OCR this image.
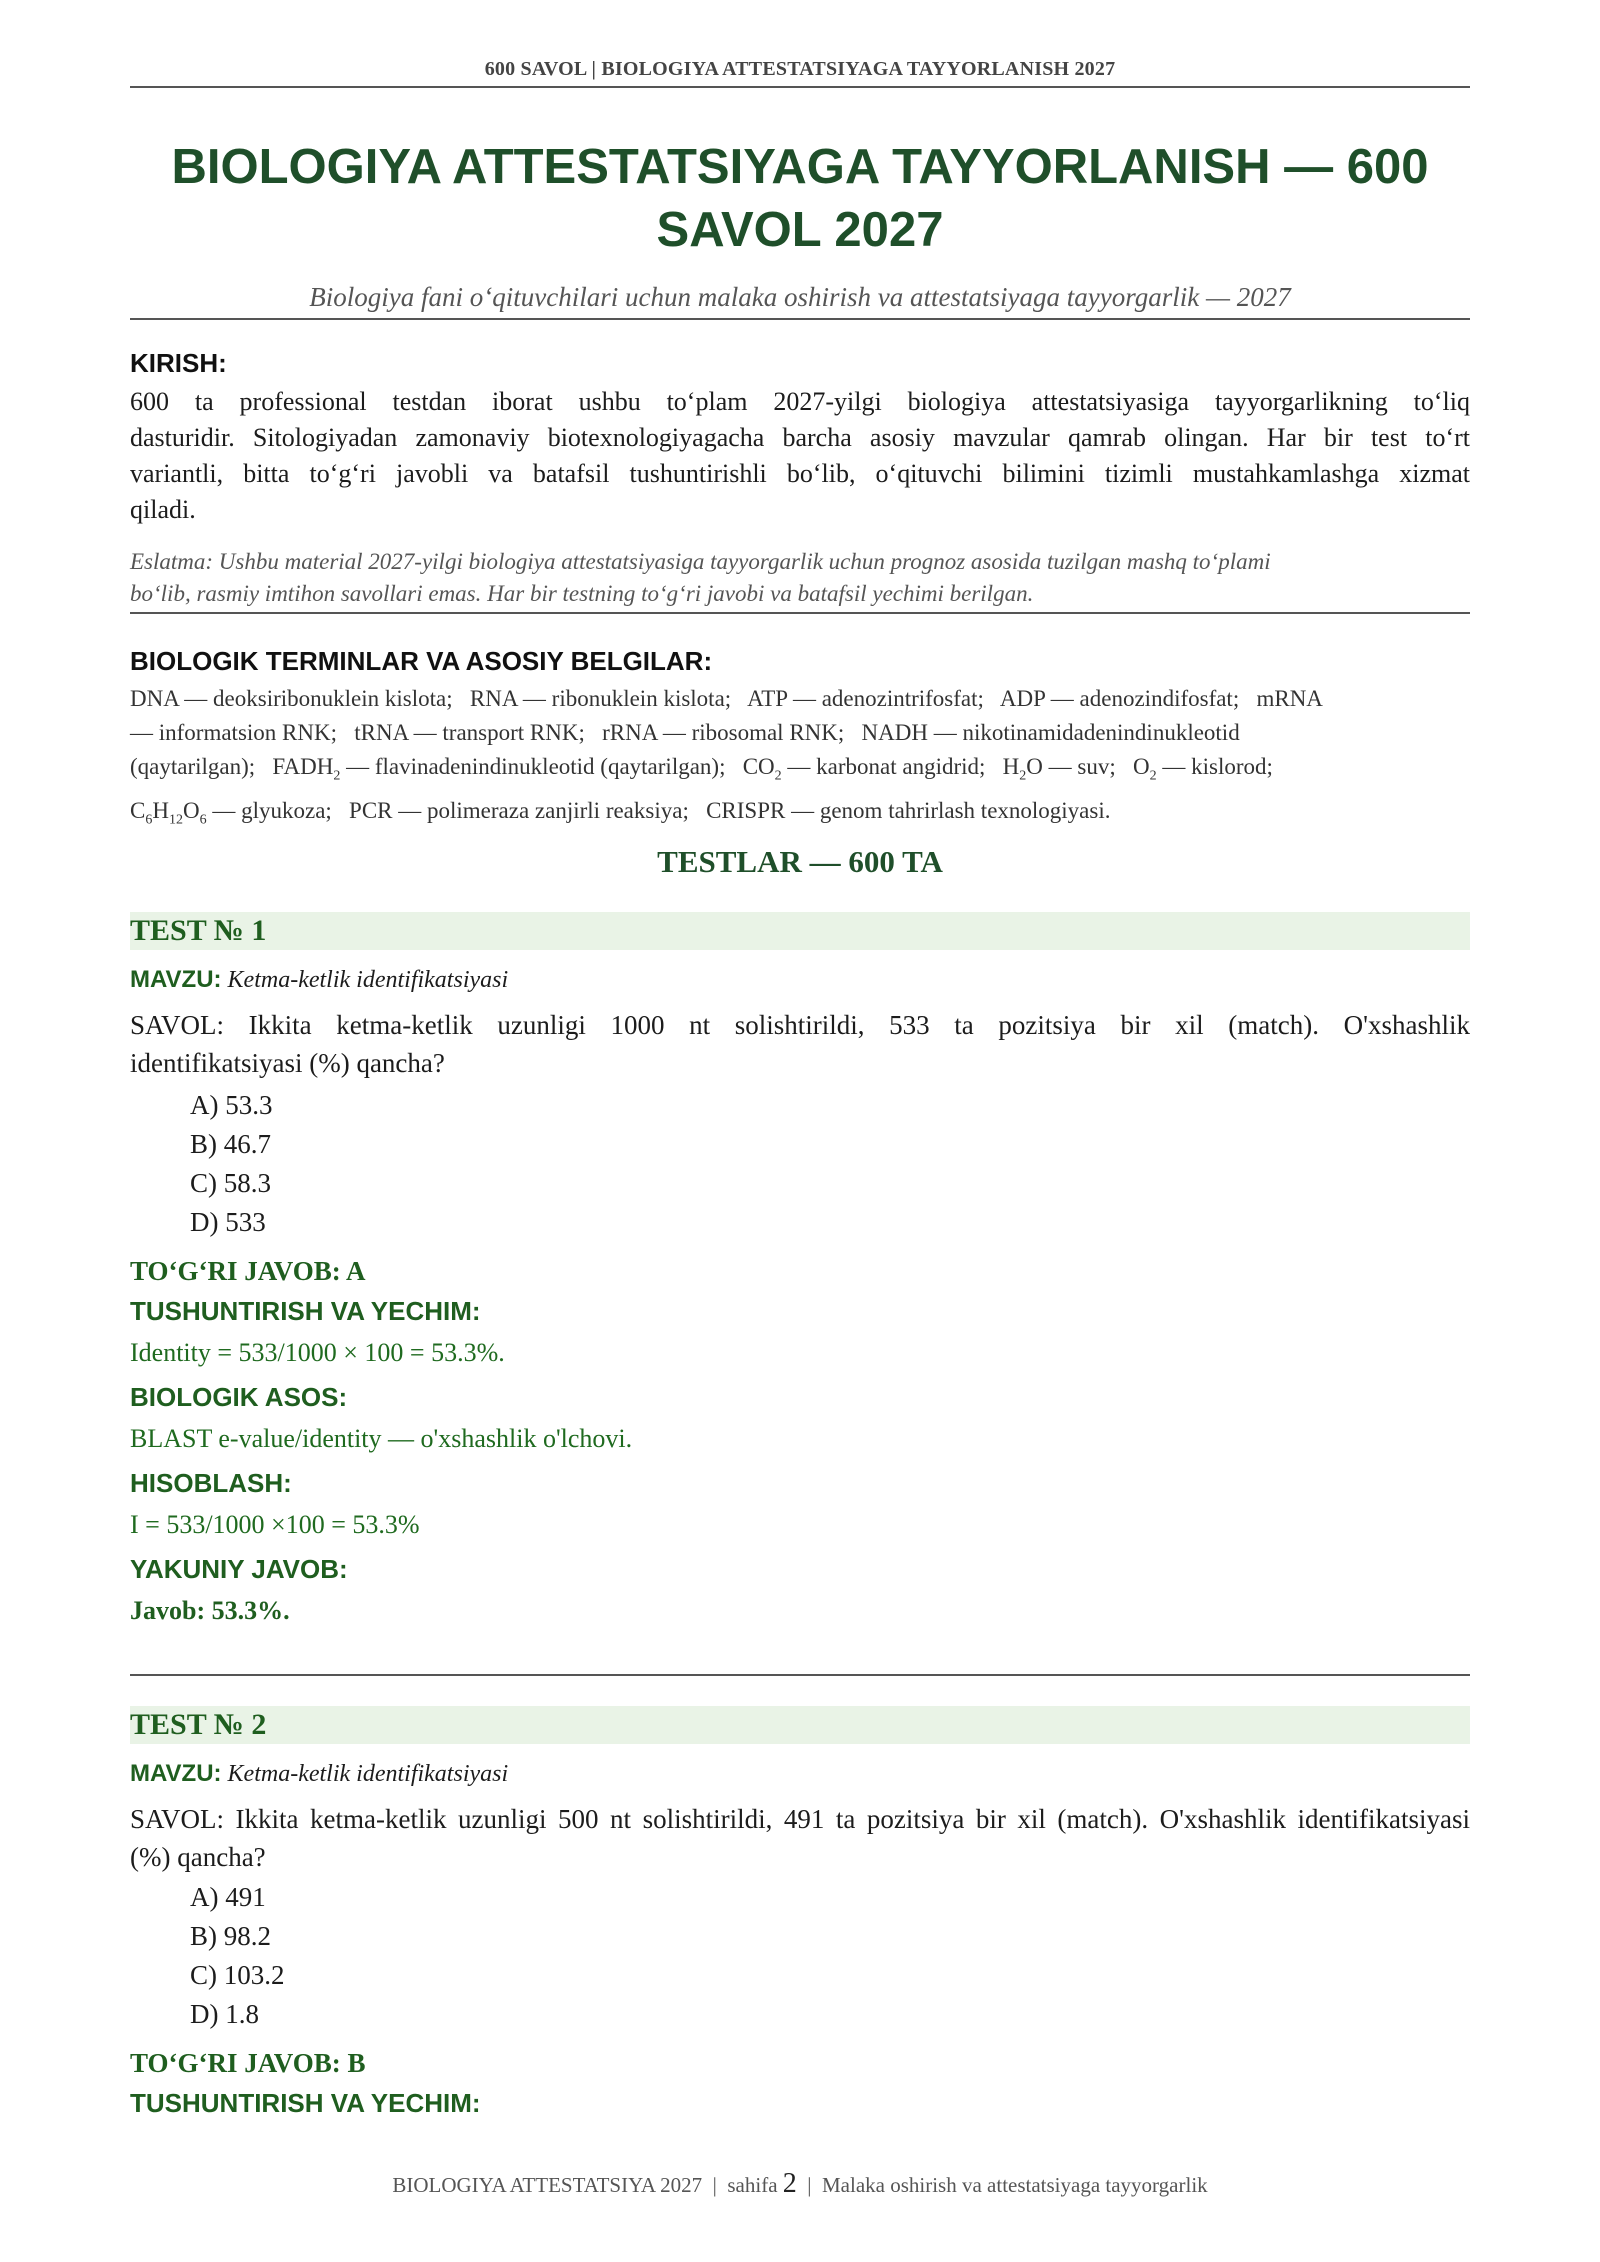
600 SAVOL | BIOLOGIYA ATTESTATSIYAGA TAYYORLANISH 2027
BIOLOGIYA ATTESTATSIYAGA TAYYORLANISH — 600
SAVOL 2027
Biologiya fani oʻqituvchilari uchun malaka oshirish va attestatsiyaga tayyorgarlik — 2027
KIRISH:
600 ta professional testdan iborat ushbu toʻplam 2027-yilgi biologiya attestatsiyasiga tayyorgarlikning toʻliq
dasturidir. Sitologiyadan zamonaviy biotexnologiyagacha barcha asosiy mavzular qamrab olingan. Har bir test toʻrt
variantli, bitta toʻgʻri javobli va batafsil tushuntirishli boʻlib, oʻqituvchi bilimini tizimli mustahkamlashga xizmat
qiladi.
Eslatma: Ushbu material 2027-yilgi biologiya attestatsiyasiga tayyorgarlik uchun prognoz asosida tuzilgan mashq toʻplami
boʻlib, rasmiy imtihon savollari emas. Har bir testning toʻgʻri javobi va batafsil yechimi berilgan.
BIOLOGIK TERMINLAR VA ASOSIY BELGILAR:
DNA — deoksiribonuklein kislota;   RNA — ribonuklein kislota;   ATP — adenozintrifosfat;   ADP — adenozindifosfat;   mRNA
— informatsion RNK;   tRNA — transport RNK;   rRNA — ribosomal RNK;   NADH — nikotinamidadenindinukleotid
(qaytarilgan);   $FADH_2$ — flavinadenindinukleotid (qaytarilgan);   $CO_2$ — karbonat angidrid;   $H_2O$ — suv;   $O_2$ — kislorod;
$C_6H_{12}O_6$ — glyukoza;   PCR — polimeraza zanjirli reaksiya;   CRISPR — genom tahrirlash texnologiyasi.
TESTLAR — 600 TA
TEST № 1
MAVZU: Ketma-ketlik identifikatsiyasi
SAVOL: Ikkita ketma-ketlik uzunligi 1000 nt solishtirildi, 533 ta pozitsiya bir xil (match). O'xshashlik
identifikatsiyasi (%) qancha?
A) 53.3
B) 46.7
C) 58.3
D) 533
TOʻGʻRI JAVOB: A
TUSHUNTIRISH VA YECHIM:
Identity = 533/1000 × 100 = 53.3%.
BIOLOGIK ASOS:
BLAST e-value/identity — o'xshashlik o'lchovi.
HISOBLASH:
I = 533/1000 ×100 = 53.3%
YAKUNIY JAVOB:
Javob: 53.3%.
TEST № 2
MAVZU: Ketma-ketlik identifikatsiyasi
SAVOL: Ikkita ketma-ketlik uzunligi 500 nt solishtirildi, 491 ta pozitsiya bir xil (match). O'xshashlik identifikatsiyasi
(%) qancha?
A) 491
B) 98.2
C) 103.2
D) 1.8
TOʻGʻRI JAVOB: B
TUSHUNTIRISH VA YECHIM:
BIOLOGIYA ATTESTATSIYA 2027  |  sahifa 2  |  Malaka oshirish va attestatsiyaga tayyorgarlik
